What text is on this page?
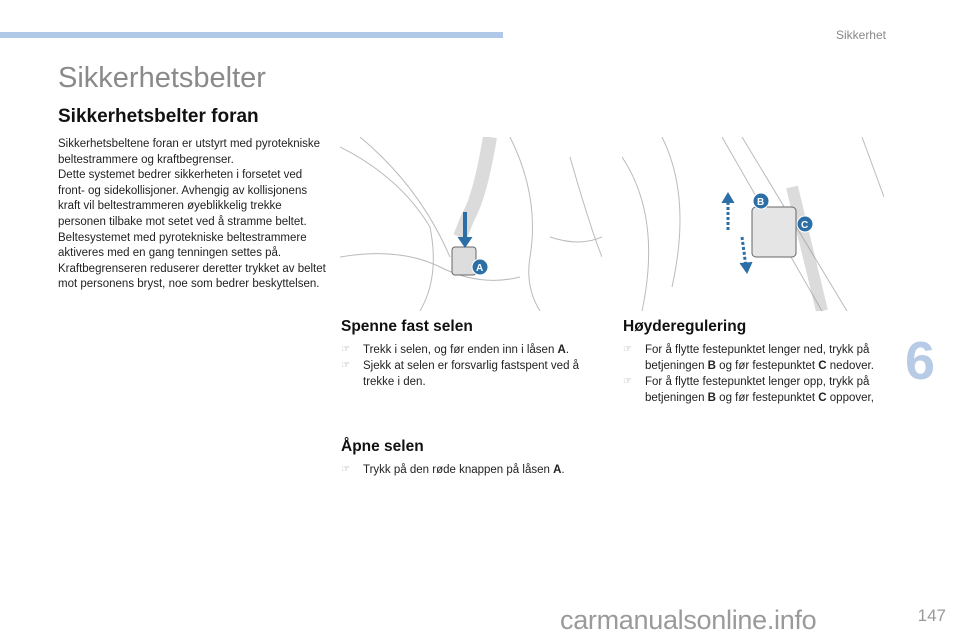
Sikkerhet
Sikkerhetsbelter
Sikkerhetsbelter foran

Sikkerhetsbeltene foran er utstyrt med pyrotekniske beltestrammere og kraftbegrenser.

Dette systemet bedrer sikkerheten i forsetet ved front- og sidekollisjoner. Avhengig av kollisjonens kraft vil beltestrammeren øyeblikkelig trekke personen tilbake mot setet ved å stramme beltet.

Beltesystemet med pyrotekniske beltestrammere aktiveres med en gang tenningen settes på.

Kraftbegrenseren reduserer deretter trykket av beltet mot personens bryst, noe som bedrer beskyttelsen.

A
B
C
Spenne fast selen
☞ Trekk i selen, og før enden inn i låsen A.
☞ Sjekk at selen er forsvarlig fastspent ved å trekke i den.
Åpne selen
☞ Trykk på den røde knappen på låsen A.
Høyderegulering
☞ For å flytte festepunktet lenger ned, trykk på betjeningen B og før festepunktet C nedover.
☞ For å flytte festepunktet lenger opp, trykk på betjeningen B og før festepunktet C oppover,
6
carmanualsonline.info	147
